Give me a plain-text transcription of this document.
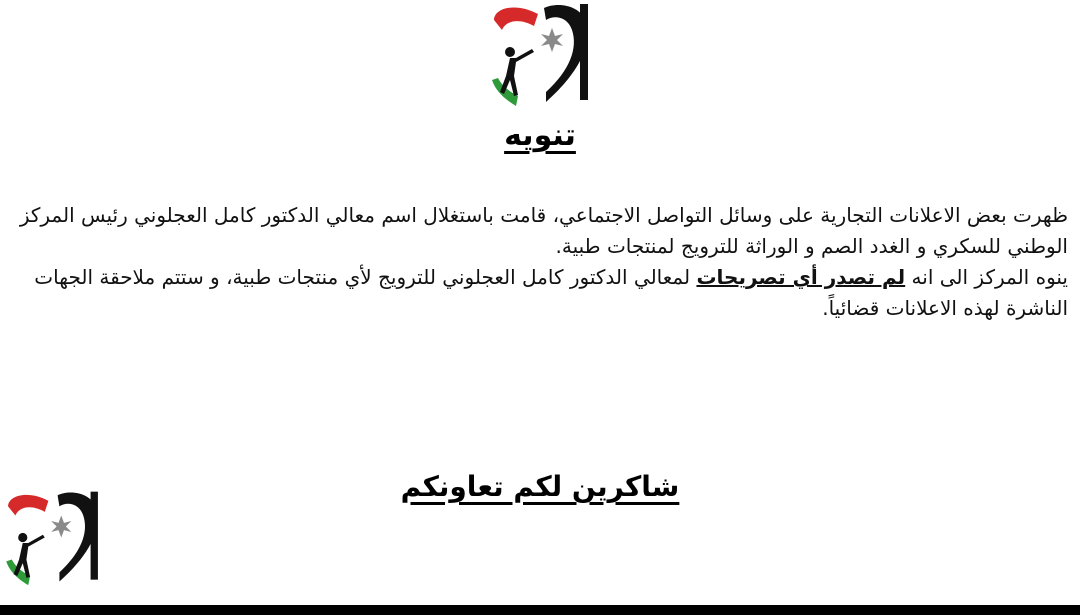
تنويه

ظهرت بعض الاعلانات التجارية على وسائل التواصل الاجتماعي، قامت باستغلال اسم معالي الدكتور كامل العجلوني رئيس المركز الوطني للسكري و الغدد الصم و الوراثة للترويج لمنتجات طبية.

ينوه المركز الى انه لم تصدر أي تصريحات لمعالي الدكتور كامل العجلوني للترويج لأي منتجات طبية، و ستتم ملاحقة الجهات الناشرة لهذه الاعلانات قضائياً.

شاكرين لكم تعاونكم
